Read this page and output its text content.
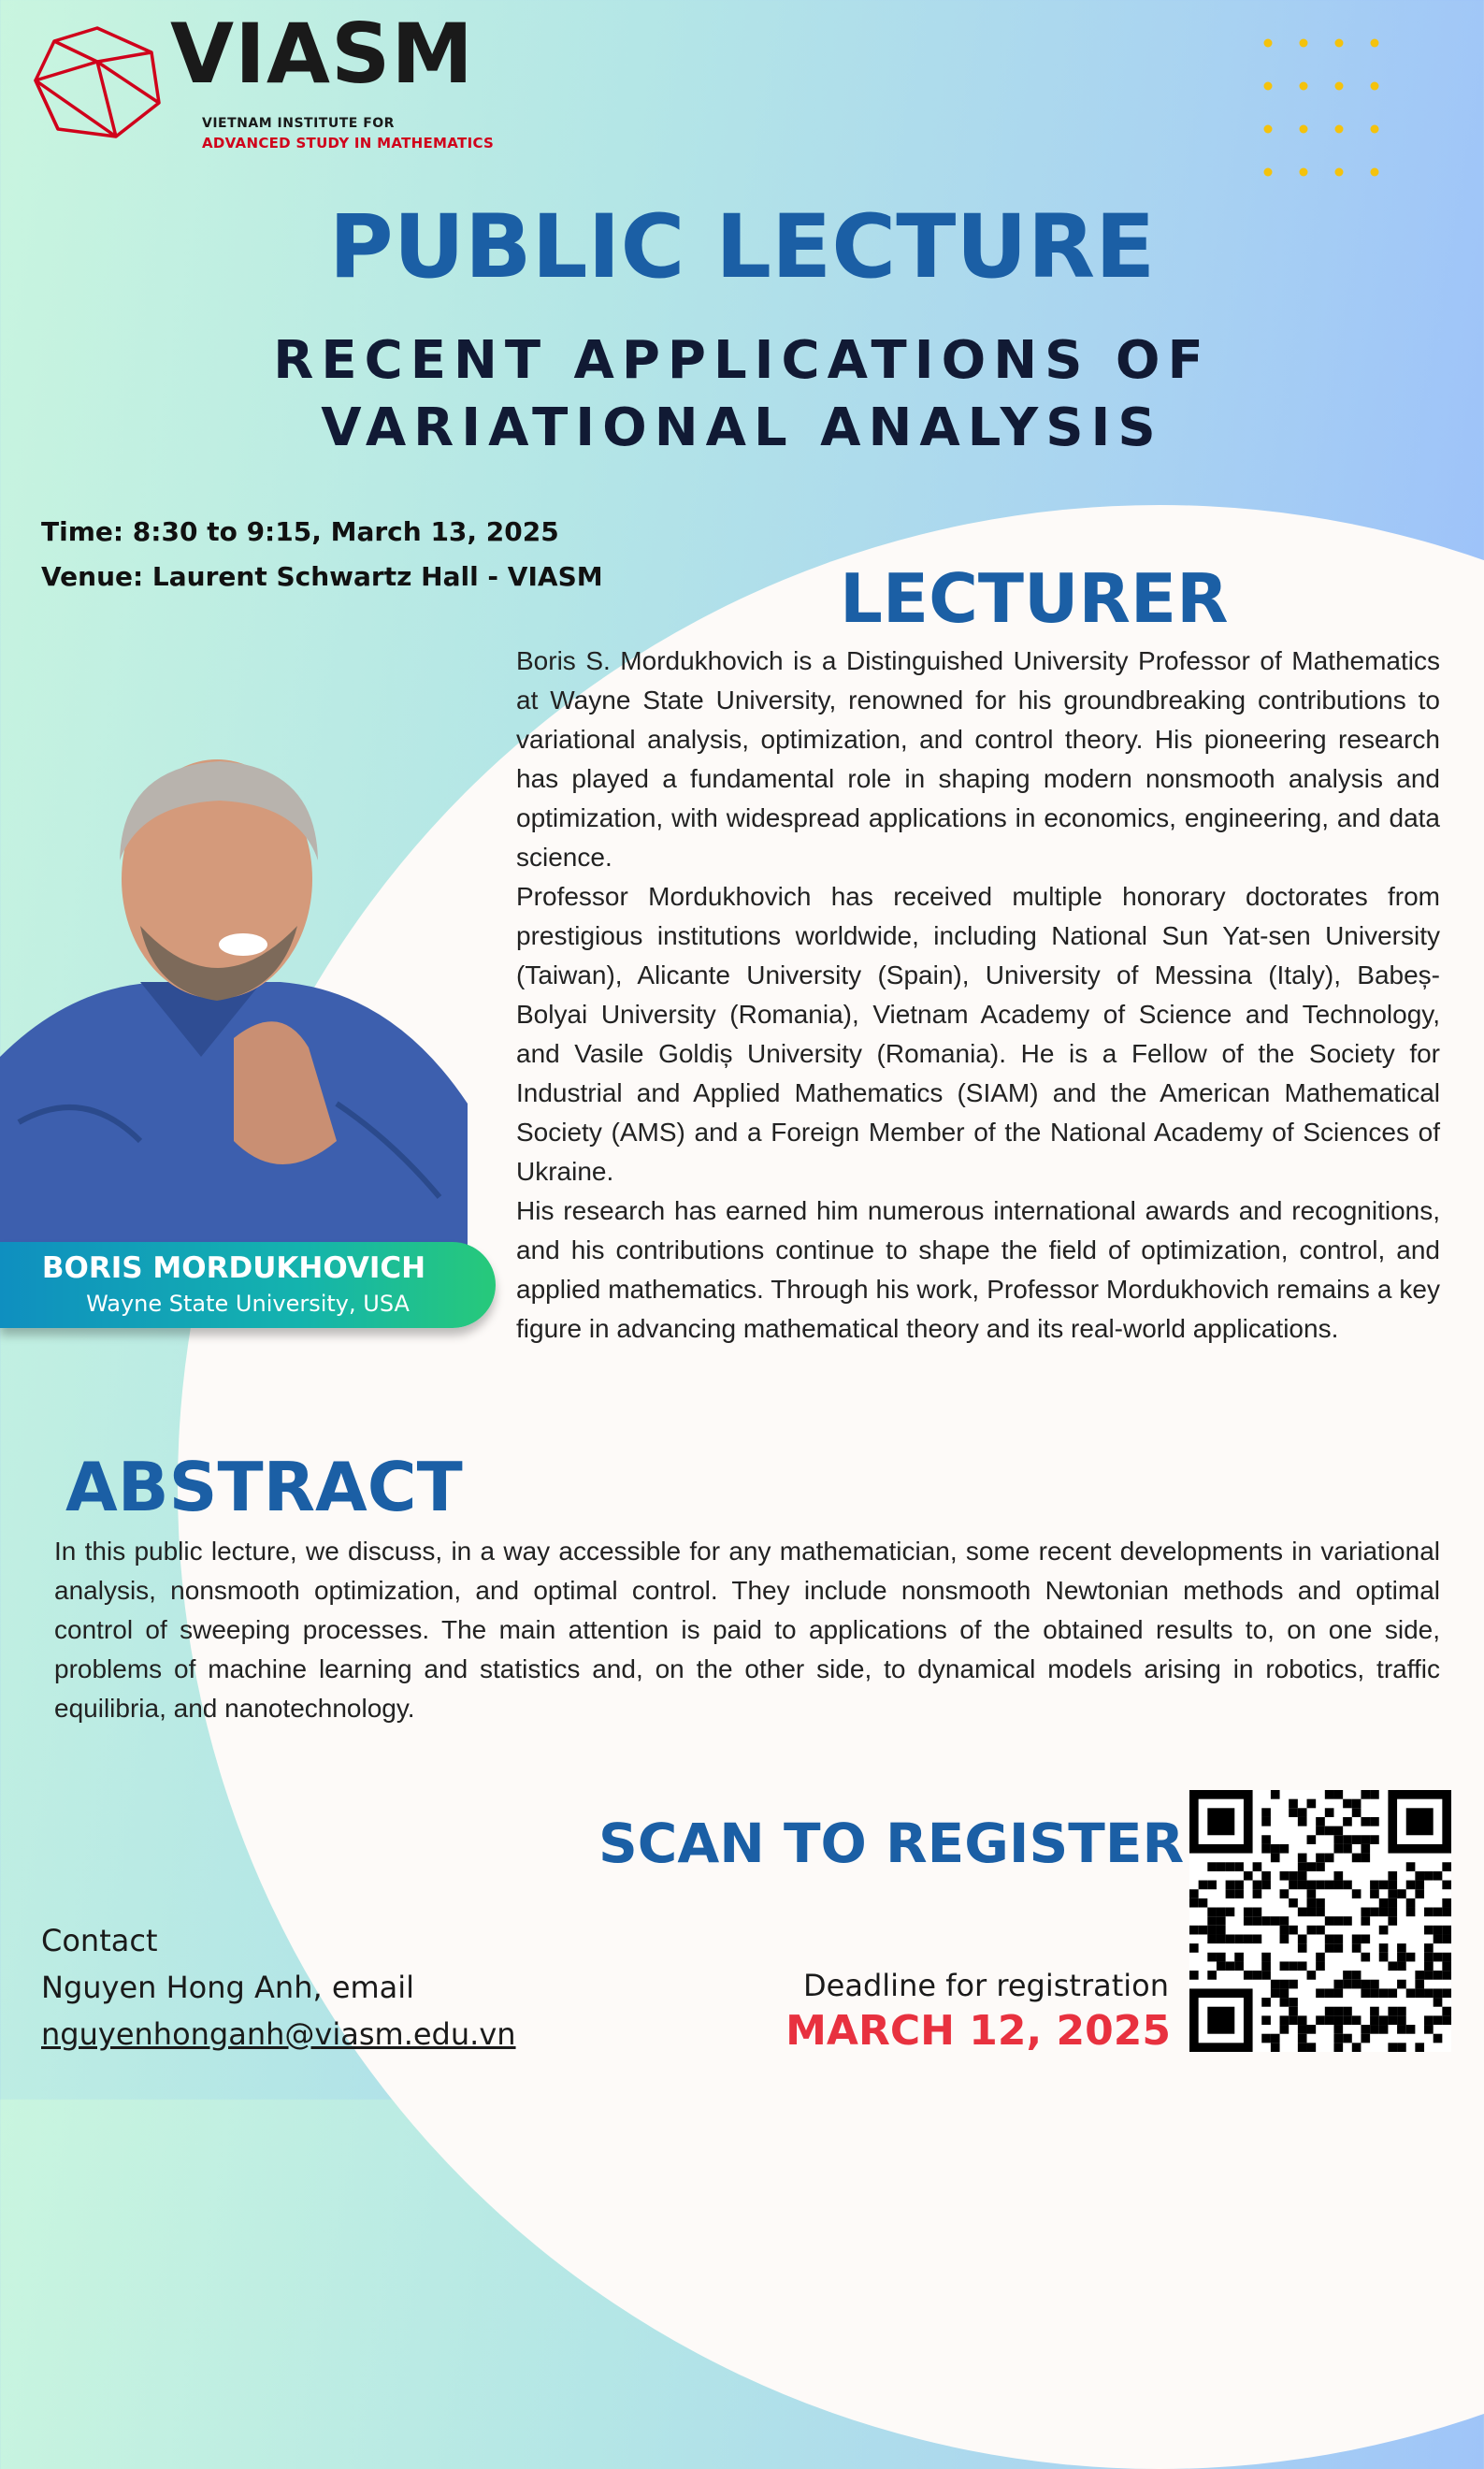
VIASM
VIETNAM INSTITUTE FOR
ADVANCED STUDY IN MATHEMATICS
PUBLIC LECTURE
RECENT APPLICATIONS OF
VARIATIONAL ANALYSIS
Time: 8:30 to 9:15, March 13, 2025
Venue: Laurent Schwartz Hall - VIASM	LECTURER
Boris S. Mordukhovich is a Distinguished University Professor of Mathematics at Wayne State University, renowned for his groundbreaking contributions to variational analysis, optimization, and control theory. His pioneering research has played a fundamental role in shaping modern nonsmooth analysis and optimization, with widespread applications in economics, engineering, and data science.
Professor Mordukhovich has received multiple honorary doctorates from prestigious institutions worldwide, including National Sun Yat-sen University (Taiwan), Alicante University (Spain), University of Messina (Italy), Babeș-Bolyai University (Romania), Vietnam Academy of Science and Technology, and Vasile Goldiș University (Romania). He is a Fellow of the Society for Industrial and Applied Mathematics (SIAM) and the American Mathematical Society (AMS) and a Foreign Member of the National Academy of Sciences of Ukraine.
His research has earned him numerous international awards and recognitions, and his contributions continue to shape the field of optimization, control, and applied mathematics. Through his work, Professor Mordukhovich remains a key figure in advancing mathematical theory and its real-world applications.
BORIS MORDUKHOVICH
Wayne State University, USA
ABSTRACT
In this public lecture, we discuss, in a way accessible for any mathematician, some recent developments in variational analysis, nonsmooth optimization, and optimal control. They include nonsmooth Newtonian methods and optimal control of sweeping processes. The main attention is paid to applications of the obtained results to, on one side, problems of machine learning and statistics and, on the other side, to dynamical models arising in robotics, traffic equilibria, and nanotechnology.
SCAN TO REGISTER
Deadline for registration
MARCH 12, 2025
Contact
Nguyen Hong Anh, email
nguyenhonganh@viasm.edu.vn
